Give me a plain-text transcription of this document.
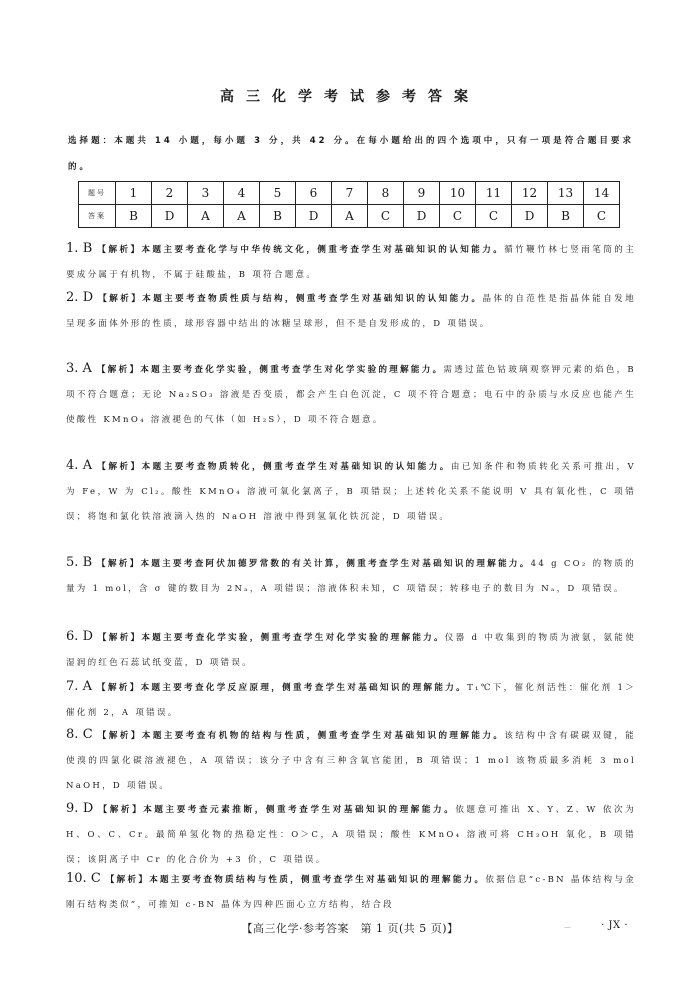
高三化学考试参考答案
选择题：本题共 14 小题，每小题 3 分，共 42 分。在每小题给出的四个选项中，只有一项是符合题目要求的。
题号	1	2	3	4	5	6	7	8	9	10	11	12	13	14
答案	B	D	A	A	B	D	A	C	D	C	C	D	B	C
1. B 【解析】本题主要考查化学与中华传统文化，侧重考查学生对基础知识的认知能力。循竹鞭竹林七竖雨笔筒的主要成分属于有机物，不属于硅酸盐，B 项符合题意。
2. D 【解析】本题主要考查物质性质与结构，侧重考查学生对基础知识的认知能力。晶体的自范性是指晶体能自发地呈现多面体外形的性质，球形容器中结出的冰糖呈球形，但不是自发形成的，D 项错误。
3. A 【解析】本题主要考查化学实验，侧重考查学生对化学实验的理解能力。需透过蓝色钴玻璃观察钾元素的焰色，B 项不符合题意；无论 Na₂SO₃ 溶液是否变质，都会产生白色沉淀，C 项不符合题意；电石中的杂质与水反应也能产生使酸性 KMnO₄ 溶液褪色的气体（如 H₂S），D 项不符合题意。
4. A 【解析】本题主要考查物质转化，侧重考查学生对基础知识的认知能力。由已知条件和物质转化关系可推出，V 为 Fe，W 为 Cl₂。酸性 KMnO₄ 溶液可氧化氯离子，B 项错误；上述转化关系不能说明 V 具有氧化性，C 项错误；将饱和氯化铁溶液滴入热的 NaOH 溶液中得到氢氧化铁沉淀，D 项错误。
5. B 【解析】本题主要考查阿伏加德罗常数的有关计算，侧重考查学生对基础知识的理解能力。44 g CO₂ 的物质的量为 1 mol，含 σ 键的数目为 2Nₐ，A 项错误；溶液体积未知，C 项错误；转移电子的数目为 Nₐ，D 项错误。
6. D 【解析】本题主要考查化学实验，侧重考查学生对化学实验的理解能力。仪器 d 中收集到的物质为液氨，氨能使湿润的红色石蕊试纸变蓝，D 项错误。
7. A 【解析】本题主要考查化学反应原理，侧重考查学生对基础知识的理解能力。T₁℃下，催化剂活性：催化剂 1＞催化剂 2，A 项错误。
8. C 【解析】本题主要考查有机物的结构与性质，侧重考查学生对基础知识的理解能力。该结构中含有碳碳双键，能使溴的四氯化碳溶液褪色，A 项错误；该分子中含有三种含氧官能团，B 项错误；1 mol 该物质最多消耗 3 mol NaOH，D 项错误。
9. D 【解析】本题主要考查元素推断，侧重考查学生对基础知识的理解能力。依题意可推出 X、Y、Z、W 依次为 H、O、C、Cr。最简单氢化物的热稳定性：O＞C，A 项错误；酸性 KMnO₄ 溶液可将 CH₃OH 氧化，B 项错误；该阴离子中 Cr 的化合价为 +3 价，C 项错误。
10. C 【解析】本题主要考查物质结构与性质，侧重考查学生对基础知识的理解能力。依据信息“c-BN 晶体结构与金刚石结构类似”，可推知 c-BN 晶体为四种匹面心立方结构，结合段
【高三化学·参考答案　第 1 页(共 5 页)】	－	· JX ·
